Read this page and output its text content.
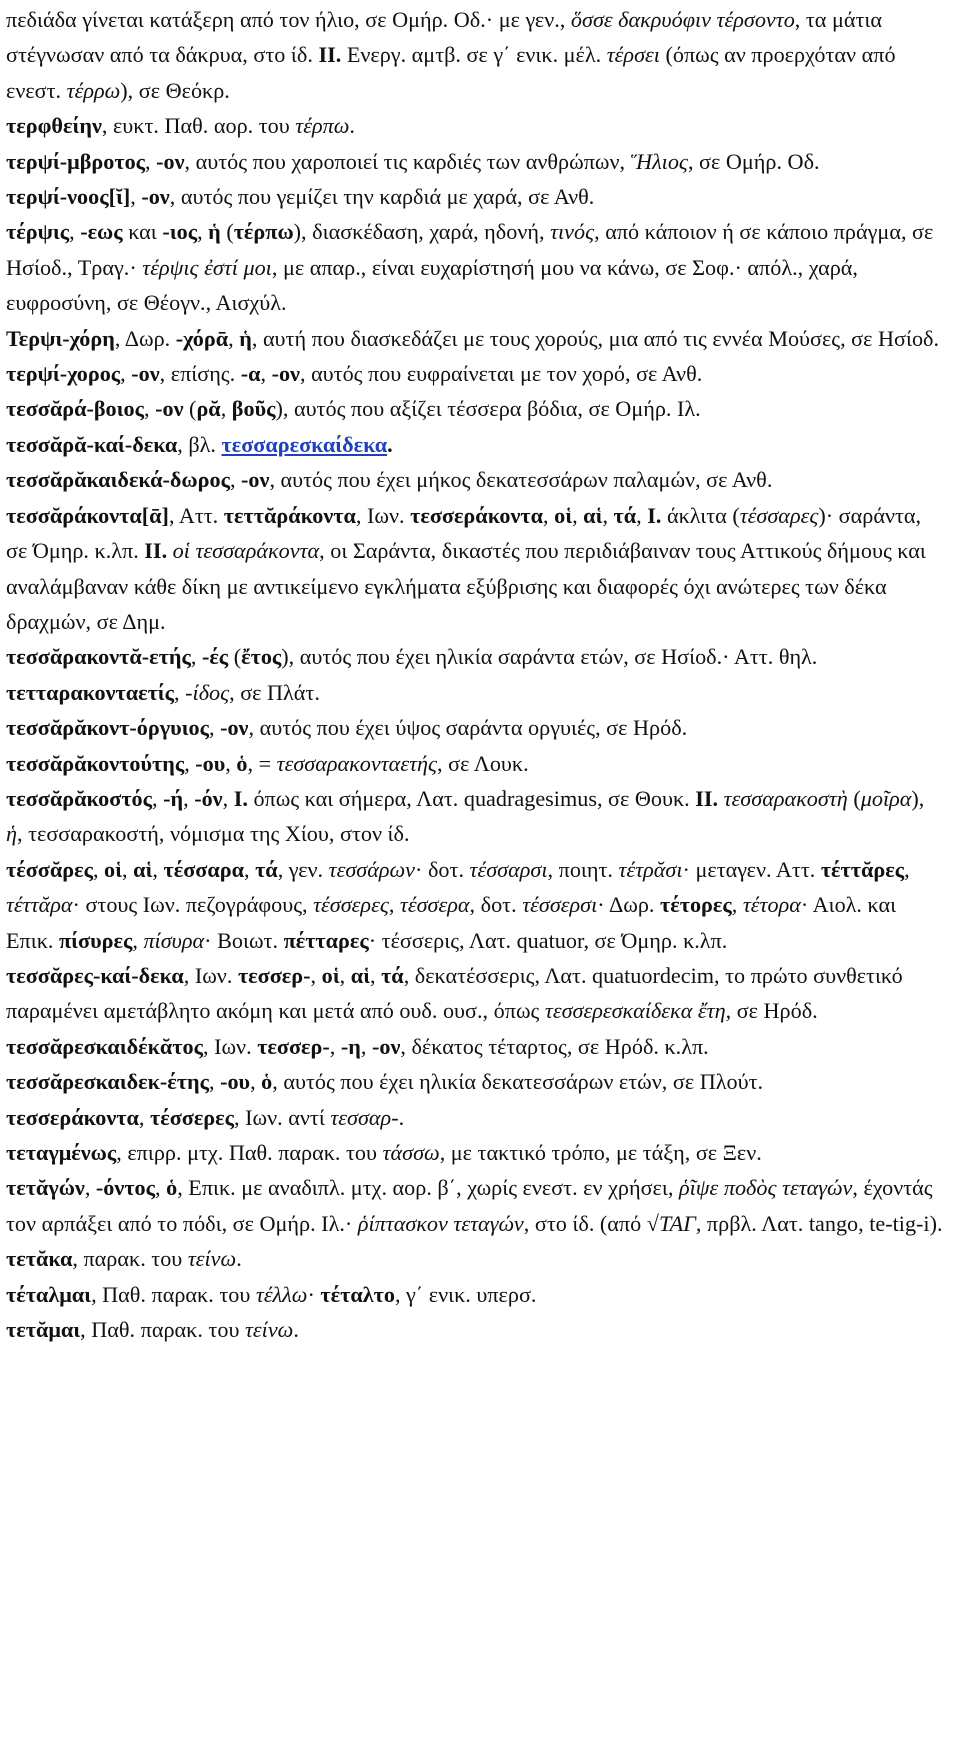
πεδιάδα γίνεται κατάξερη από τον ήλιο, σε Ομήρ. Οδ.· με γεν., ὅσσε δακρυόφιν τέρσοντο, τα μάτια στέγνωσαν από τα δάκρυα, στο ίδ. II. Ενεργ. αμτβ. σε γ΄ ενικ. μέλ. τέρσει (όπως αν προερχόταν από ενεστ. τέρρω), σε Θεόκρ.

τερφθείην, ευκτ. Παθ. αορ. του τέρπω.

τερψί-μβροτος, -ον, αυτός που χαροποιεί τις καρδιές των ανθρώπων, Ἥλιος, σε Ομήρ. Οδ.

τερψί-νοος[ῐ], -ον, αυτός που γεμίζει την καρδιά με χαρά, σε Ανθ.

τέρψις, -εως και -ιος, ἡ (τέρπω), διασκέδαση, χαρά, ηδονή, τινός, από κάποιον ή σε κάποιο πράγμα, σε Ησίοδ., Τραγ.· τέρψις ἐστί μοι, με απαρ., είναι ευχαρίστησή μου να κάνω, σε Σοφ.· απόλ., χαρά, ευφροσύνη, σε Θέογν., Αισχύλ.

Τερψι-χόρη, Δωρ. -χόρᾱ, ἡ, αυτή που διασκεδάζει με τους χορούς, μια από τις εννέα Μούσες, σε Ησίοδ.

τερψί-χορος, -ον, επίσης. -α, -ον, αυτός που ευφραίνεται με τον χορό, σε Ανθ.

τεσσᾰρά-βοιος, -ον (ρᾰ, βοῦς), αυτός που αξίζει τέσσερα βόδια, σε Ομήρ. Ιλ.

τεσσᾰρᾰ-καί-δεκα, βλ. τεσσαρεσκαίδεκα.

τεσσᾰρᾰκαιδεκά-δωρος, -ον, αυτός που έχει μήκος δεκατεσσάρων παλαμών, σε Ανθ.

τεσσᾰράκοντα[ᾱ], Αττ. τεττᾰράκοντα, Ιων. τεσσεράκοντα, οἱ, αἱ, τά, I. άκλιτα (τέσσαρες)· σαράντα, σε Όμηρ. κ.λπ. II. οἱ τεσσαράκοντα, οι Σαράντα, δικαστές που περιδιάβαιναν τους Αττικούς δήμους και αναλάμβαναν κάθε δίκη με αντικείμενο εγκλήματα εξύβρισης και διαφορές όχι ανώτερες των δέκα δραχμών, σε Δημ.

τεσσᾰρακοντᾰ-ετής, -ές (ἔτος), αυτός που έχει ηλικία σαράντα ετών, σε Ησίοδ.· Αττ. θηλ. τετταρακονταετίς, -ίδος, σε Πλάτ.

τεσσᾰρᾰκοντ-όργυιος, -ον, αυτός που έχει ύψος σαράντα οργυιές, σε Ηρόδ.

τεσσᾰρᾰκοντούτης, -ου, ὁ, = τεσσαρακονταετής, σε Λουκ.

τεσσᾰρᾰκοστός, -ή, -όν, I. όπως και σήμερα, Λατ. quadragesimus, σε Θουκ. II. τεσσαρακοστὴ (μοῖρα), ἡ, τεσσαρακοστή, νόμισμα της Χίου, στον ίδ.

τέσσᾰρες, οἱ, αἱ, τέσσαρα, τά, γεν. τεσσάρων· δοτ. τέσσαρσι, ποιητ. τέτρᾰσι· μεταγεν. Αττ. τέττᾰρες, τέττᾰρα· στους Ιων. πεζογράφους, τέσσερες, τέσσερα, δοτ. τέσσερσι· Δωρ. τέτορες, τέτορα· Αιολ. και Επικ. πίσυρες, πίσυρα· Βοιωτ. πέτταρες· τέσσερις, Λατ. quatuor, σε Όμηρ. κ.λπ.

τεσσᾰρες-καί-δεκα, Ιων. τεσσερ-, οἱ, αἱ, τά, δεκατέσσερις, Λατ. quatuordecim, το πρώτο συνθετικό παραμένει αμετάβλητο ακόμη και μετά από ουδ. ουσ., όπως τεσσερεσκαίδεκα ἔτη, σε Ηρόδ.

τεσσᾰρεσκαιδέκᾰτος, Ιων. τεσσερ-, -η, -ον, δέκατος τέταρτος, σε Ηρόδ. κ.λπ.

τεσσᾰρεσκαιδεκ-έτης, -ου, ὁ, αυτός που έχει ηλικία δεκατεσσάρων ετών, σε Πλούτ.

τεσσεράκοντα, τέσσερες, Ιων. αντί τεσσαρ-.

τεταγμένως, επιρρ. μτχ. Παθ. παρακ. του τάσσω, με τακτικό τρόπο, με τάξη, σε Ξεν.

τετᾰγών, -όντος, ὁ, Επικ. με αναδιπλ. μτχ. αορ. β΄, χωρίς ενεστ. εν χρήσει, ῥῖψε ποδὸς τεταγών, έχοντάς τον αρπάξει από το πόδι, σε Ομήρ. Ιλ.· ῥίπτασκον τεταγών, στο ίδ. (από √ΤΑΓ, πρβλ. Λατ. tango, te-tig-i).

τετᾰκα, παρακ. του τείνω.

τέταλμαι, Παθ. παρακ. του τέλλω· τέταλτο, γ΄ ενικ. υπερσ.

τετᾰμαι, Παθ. παρακ. του τείνω.
